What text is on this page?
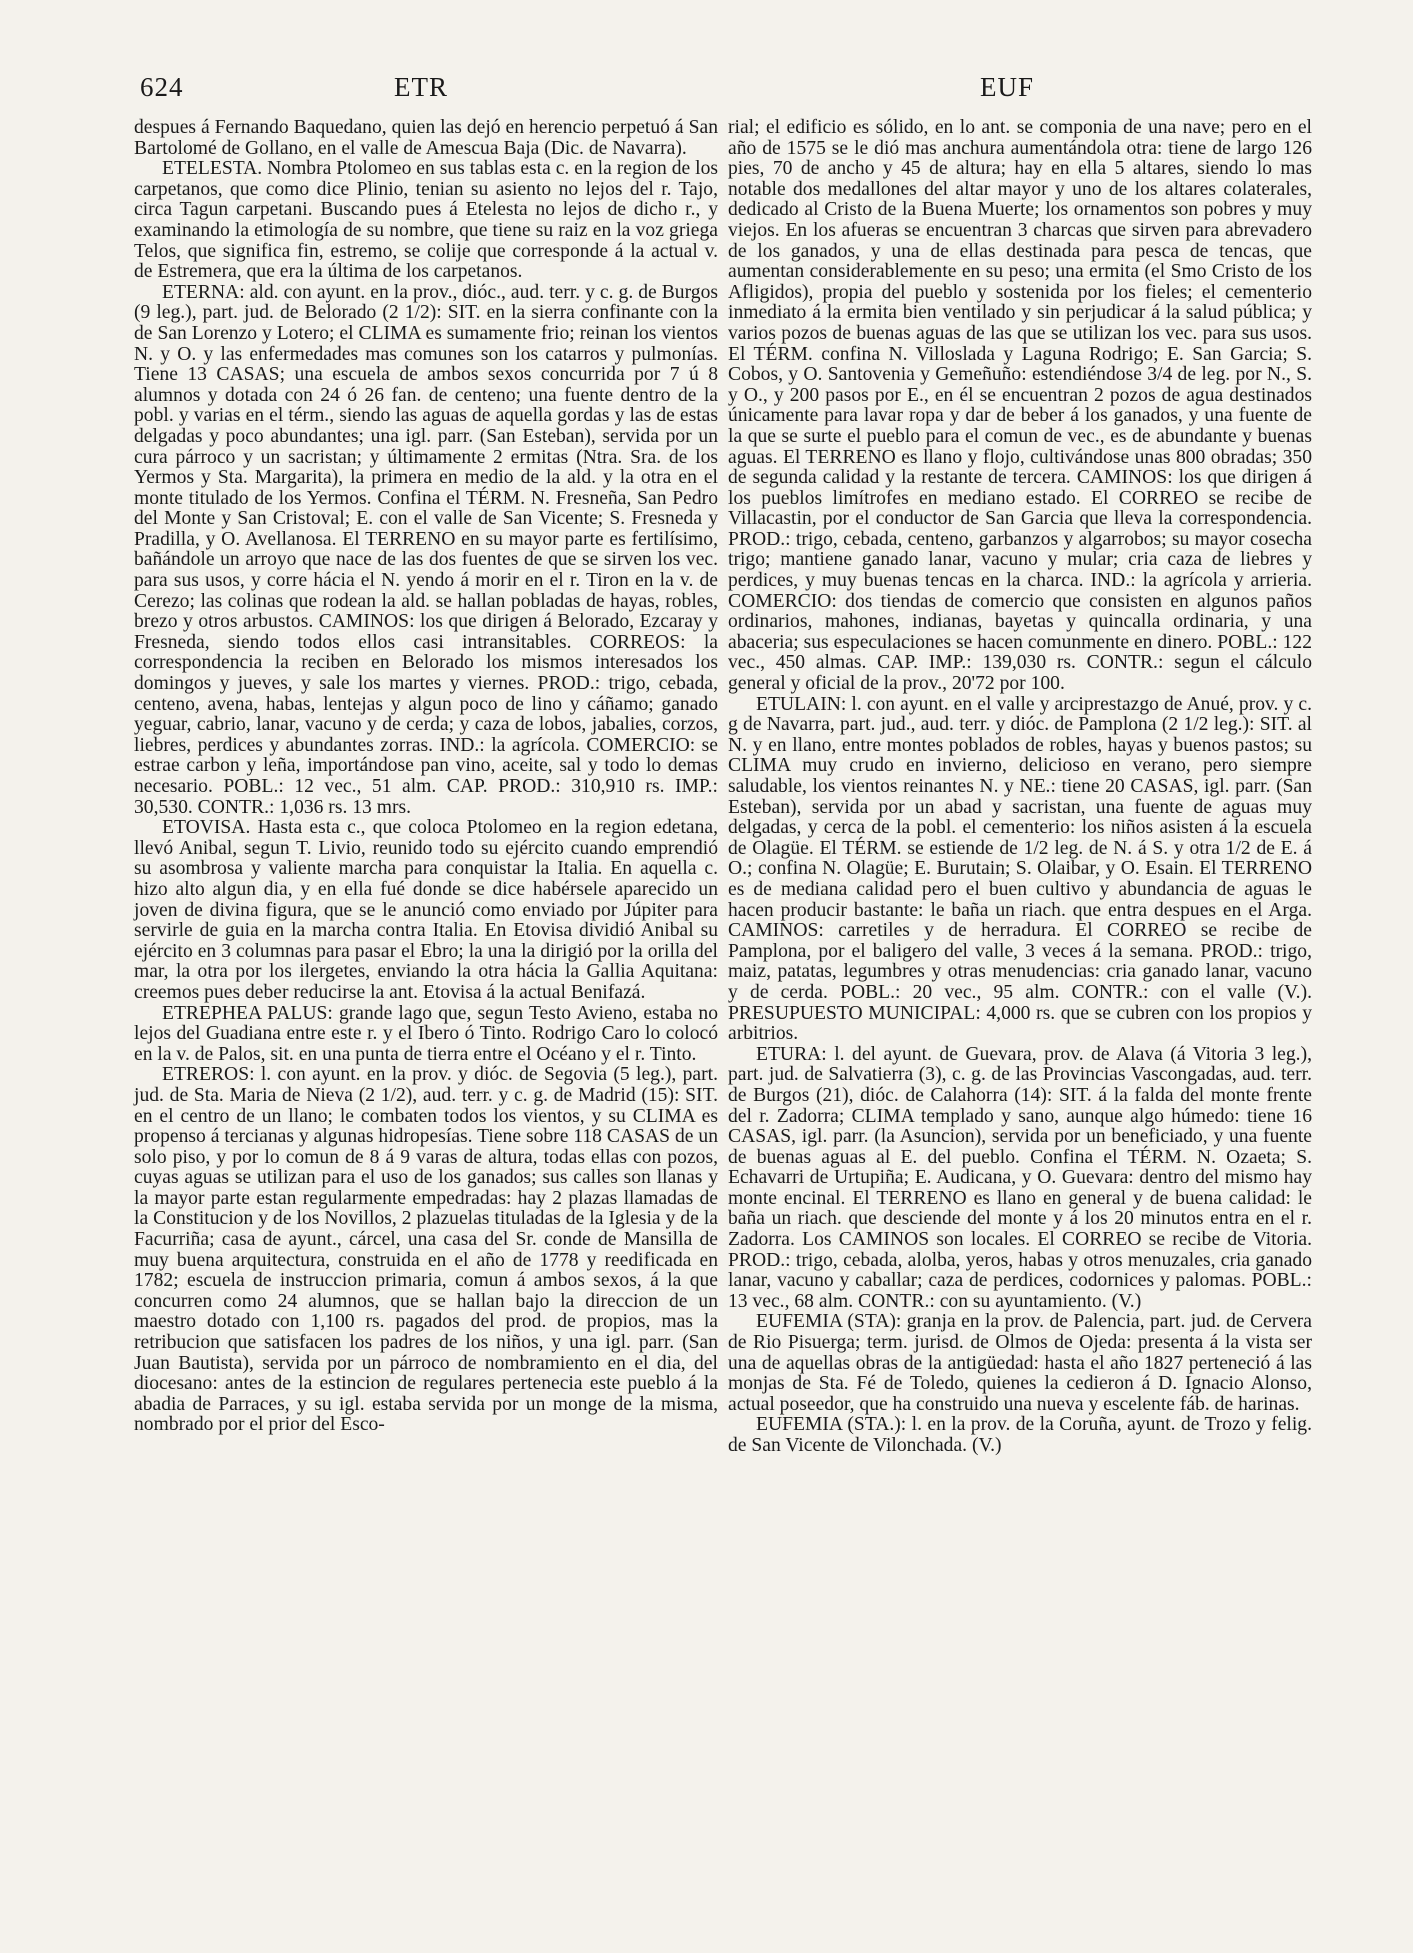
624	ETR	EUF

despues á Fernando Baquedano, quien las dejó en herencio perpetuó á San Bartolomé de Gollano, en el valle de Amescua Baja (Dic. de Navarra).

ETELESTA. Nombra Ptolomeo en sus tablas esta c. en la region de los carpetanos, que como dice Plinio, tenian su asiento no lejos del r. Tajo, circa Tagun carpetani. Buscando pues á Etelesta no lejos de dicho r., y examinando la etimología de su nombre, que tiene su raiz en la voz griega Telos, que significa fin, estremo, se colije que corresponde á la actual v. de Estremera, que era la última de los carpetanos.

ETERNA: ald. con ayunt. en la prov., dióc., aud. terr. y c. g. de Burgos (9 leg.), part. jud. de Belorado (2 1/2): SIT. en la sierra confinante con la de San Lorenzo y Lotero; el CLIMA es sumamente frio; reinan los vientos N. y O. y las enfermedades mas comunes son los catarros y pulmonías. Tiene 13 CASAS; una escuela de ambos sexos concurrida por 7 ú 8 alumnos y dotada con 24 ó 26 fan. de centeno; una fuente dentro de la pobl. y varias en el térm., siendo las aguas de aquella gordas y las de estas delgadas y poco abundantes; una igl. parr. (San Esteban), servida por un cura párroco y un sacristan; y últimamente 2 ermitas (Ntra. Sra. de los Yermos y Sta. Margarita), la primera en medio de la ald. y la otra en el monte titulado de los Yermos. Confina el TÉRM. N. Fresneña, San Pedro del Monte y San Cristoval; E. con el valle de San Vicente; S. Fresneda y Pradilla, y O. Avellanosa. El TERRENO en su mayor parte es fertilísimo, bañándole un arroyo que nace de las dos fuentes de que se sirven los vec. para sus usos, y corre hácia el N. yendo á morir en el r. Tiron en la v. de Cerezo; las colinas que rodean la ald. se hallan pobladas de hayas, robles, brezo y otros arbustos. CAMINOS: los que dirigen á Belorado, Ezcaray y Fresneda, siendo todos ellos casi intransitables. CORREOS: la correspondencia la reciben en Belorado los mismos interesados los domingos y jueves, y sale los martes y viernes. PROD.: trigo, cebada, centeno, avena, habas, lentejas y algun poco de lino y cáñamo; ganado yeguar, cabrio, lanar, vacuno y de cerda; y caza de lobos, jabalies, corzos, liebres, perdices y abundantes zorras. IND.: la agrícola. COMERCIO: se estrae carbon y leña, importándose pan vino, aceite, sal y todo lo demas necesario. POBL.: 12 vec., 51 alm. CAP. PROD.: 310,910 rs. IMP.: 30,530. CONTR.: 1,036 rs. 13 mrs.

ETOVISA. Hasta esta c., que coloca Ptolomeo en la region edetana, llevó Anibal, segun T. Livio, reunido todo su ejército cuando emprendió su asombrosa y valiente marcha para conquistar la Italia. En aquella c. hizo alto algun dia, y en ella fué donde se dice habérsele aparecido un joven de divina figura, que se le anunció como enviado por Júpiter para servirle de guia en la marcha contra Italia. En Etovisa dividió Anibal su ejército en 3 columnas para pasar el Ebro; la una la dirigió por la orilla del mar, la otra por los ilergetes, enviando la otra hácia la Gallia Aquitana: creemos pues deber reducirse la ant. Etovisa á la actual Benifazá.

ETREPHEA PALUS: grande lago que, segun Testo Avieno, estaba no lejos del Guadiana entre este r. y el Ibero ó Tinto. Rodrigo Caro lo colocó en la v. de Palos, sit. en una punta de tierra entre el Océano y el r. Tinto.

ETREROS: l. con ayunt. en la prov. y dióc. de Segovia (5 leg.), part. jud. de Sta. Maria de Nieva (2 1/2), aud. terr. y c. g. de Madrid (15): SIT. en el centro de un llano; le combaten todos los vientos, y su CLIMA es propenso á tercianas y algunas hidropesías. Tiene sobre 118 CASAS de un solo piso, y por lo comun de 8 á 9 varas de altura, todas ellas con pozos, cuyas aguas se utilizan para el uso de los ganados; sus calles son llanas y la mayor parte estan regularmente empedradas: hay 2 plazas llamadas de la Constitucion y de los Novillos, 2 plazuelas tituladas de la Iglesia y de la Facurriña; casa de ayunt., cárcel, una casa del Sr. conde de Mansilla de muy buena arquitectura, construida en el año de 1778 y reedificada en 1782; escuela de instruccion primaria, comun á ambos sexos, á la que concurren como 24 alumnos, que se hallan bajo la direccion de un maestro dotado con 1,100 rs. pagados del prod. de propios, mas la retribucion que satisfacen los padres de los niños, y una igl. parr. (San Juan Bautista), servida por un párroco de nombramiento en el dia, del diocesano: antes de la estincion de regulares pertenecia este pueblo á la abadia de Parraces, y su igl. estaba servida por un monge de la misma, nombrado por el prior del Esco-

rial; el edificio es sólido, en lo ant. se componia de una nave; pero en el año de 1575 se le dió mas anchura aumentándola otra: tiene de largo 126 pies, 70 de ancho y 45 de altura; hay en ella 5 altares, siendo lo mas notable dos medallones del altar mayor y uno de los altares colaterales, dedicado al Cristo de la Buena Muerte; los ornamentos son pobres y muy viejos. En los afueras se encuentran 3 charcas que sirven para abrevadero de los ganados, y una de ellas destinada para pesca de tencas, que aumentan considerablemente en su peso; una ermita (el Smo Cristo de los Afligidos), propia del pueblo y sostenida por los fieles; el cementerio inmediato á la ermita bien ventilado y sin perjudicar á la salud pública; y varios pozos de buenas aguas de las que se utilizan los vec. para sus usos. El TÉRM. confina N. Villoslada y Laguna Rodrigo; E. San Garcia; S. Cobos, y O. Santovenia y Gemeñuño: estendiéndose 3/4 de leg. por N., S. y O., y 200 pasos por E., en él se encuentran 2 pozos de agua destinados únicamente para lavar ropa y dar de beber á los ganados, y una fuente de la que se surte el pueblo para el comun de vec., es de abundante y buenas aguas. El TERRENO es llano y flojo, cultivándose unas 800 obradas; 350 de segunda calidad y la restante de tercera. CAMINOS: los que dirigen á los pueblos limítrofes en mediano estado. El CORREO se recibe de Villacastin, por el conductor de San Garcia que lleva la correspondencia. PROD.: trigo, cebada, centeno, garbanzos y algarrobos; su mayor cosecha trigo; mantiene ganado lanar, vacuno y mular; cria caza de liebres y perdices, y muy buenas tencas en la charca. IND.: la agrícola y arrieria. COMERCIO: dos tiendas de comercio que consisten en algunos paños ordinarios, mahones, indianas, bayetas y quincalla ordinaria, y una abaceria; sus especulaciones se hacen comunmente en dinero. POBL.: 122 vec., 450 almas. CAP. IMP.: 139,030 rs. CONTR.: segun el cálculo general y oficial de la prov., 20'72 por 100.

ETULAIN: l. con ayunt. en el valle y arciprestazgo de Anué, prov. y c. g de Navarra, part. jud., aud. terr. y dióc. de Pamplona (2 1/2 leg.): SIT. al N. y en llano, entre montes poblados de robles, hayas y buenos pastos; su CLIMA muy crudo en invierno, delicioso en verano, pero siempre saludable, los vientos reinantes N. y NE.: tiene 20 CASAS, igl. parr. (San Esteban), servida por un abad y sacristan, una fuente de aguas muy delgadas, y cerca de la pobl. el cementerio: los niños asisten á la escuela de Olagüe. El TÉRM. se estiende de 1/2 leg. de N. á S. y otra 1/2 de E. á O.; confina N. Olagüe; E. Burutain; S. Olaibar, y O. Esain. El TERRENO es de mediana calidad pero el buen cultivo y abundancia de aguas le hacen producir bastante: le baña un riach. que entra despues en el Arga. CAMINOS: carretiles y de herradura. El CORREO se recibe de Pamplona, por el baligero del valle, 3 veces á la semana. PROD.: trigo, maiz, patatas, legumbres y otras menudencias: cria ganado lanar, vacuno y de cerda. POBL.: 20 vec., 95 alm. CONTR.: con el valle (V.). PRESUPUESTO MUNICIPAL: 4,000 rs. que se cubren con los propios y arbitrios.

ETURA: l. del ayunt. de Guevara, prov. de Alava (á Vitoria 3 leg.), part. jud. de Salvatierra (3), c. g. de las Provincias Vascongadas, aud. terr. de Burgos (21), dióc. de Calahorra (14): SIT. á la falda del monte frente del r. Zadorra; CLIMA templado y sano, aunque algo húmedo: tiene 16 CASAS, igl. parr. (la Asuncion), servida por un beneficiado, y una fuente de buenas aguas al E. del pueblo. Confina el TÉRM. N. Ozaeta; S. Echavarri de Urtupiña; E. Audicana, y O. Guevara: dentro del mismo hay monte encinal. El TERRENO es llano en general y de buena calidad: le baña un riach. que desciende del monte y á los 20 minutos entra en el r. Zadorra. Los CAMINOS son locales. El CORREO se recibe de Vitoria. PROD.: trigo, cebada, alolba, yeros, habas y otros menuzales, cria ganado lanar, vacuno y caballar; caza de perdices, codornices y palomas. POBL.: 13 vec., 68 alm. CONTR.: con su ayuntamiento. (V.)

EUFEMIA (STA): granja en la prov. de Palencia, part. jud. de Cervera de Rio Pisuerga; term. jurisd. de Olmos de Ojeda: presenta á la vista ser una de aquellas obras de la antigüedad: hasta el año 1827 perteneció á las monjas de Sta. Fé de Toledo, quienes la cedieron á D. Ignacio Alonso, actual poseedor, que ha construido una nueva y escelente fáb. de harinas.

EUFEMIA (STA.): l. en la prov. de la Coruña, ayunt. de Trozo y felig. de San Vicente de Vilonchada. (V.)
